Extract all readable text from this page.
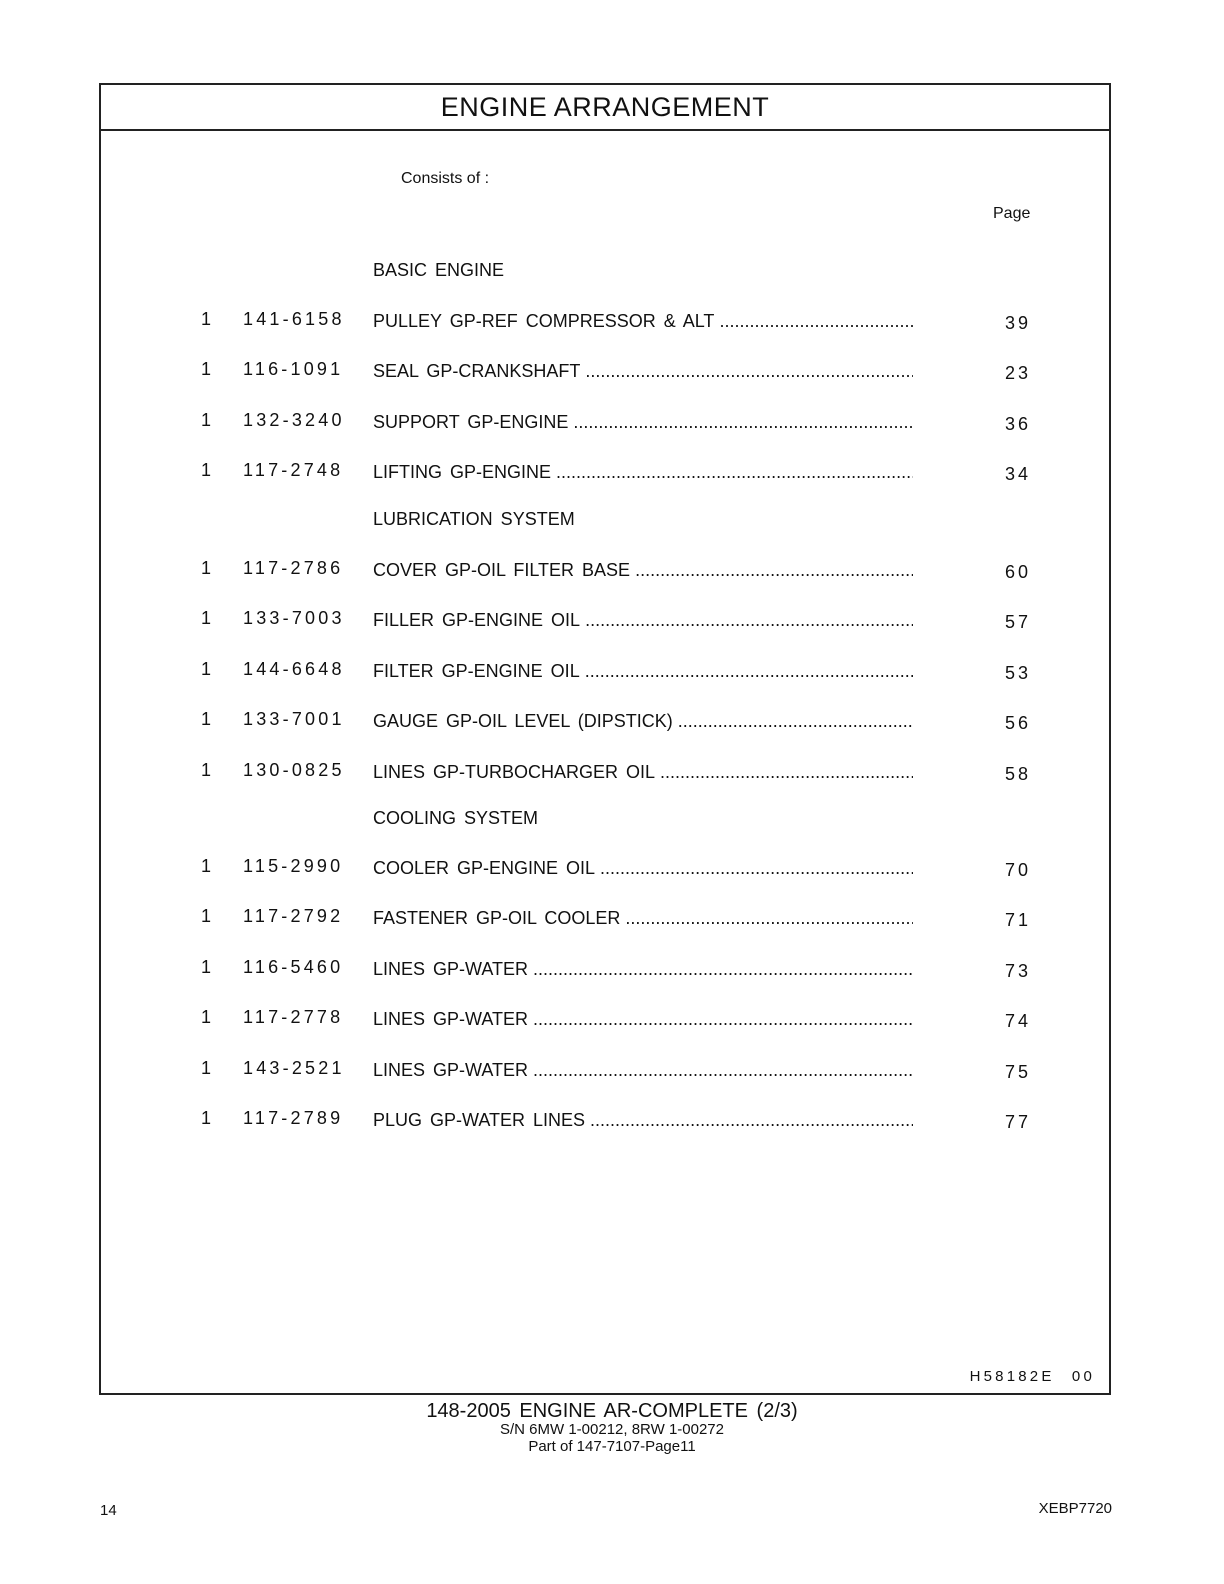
ENGINE ARRANGEMENT
Consists of :
Page
BASIC ENGINE
1 141-6158 PULLEY GP-REF COMPRESSOR & ALT .....	39
1 116-1091 SEAL GP-CRANKSHAFT .....	23
1 132-3240 SUPPORT GP-ENGINE .....	36
1 117-2748 LIFTING GP-ENGINE .....	34
LUBRICATION SYSTEM
1 117-2786 COVER GP-OIL FILTER BASE .....	60
1 133-7003 FILLER GP-ENGINE OIL .....	57
1 144-6648 FILTER GP-ENGINE OIL .....	53
1 133-7001 GAUGE GP-OIL LEVEL (DIPSTICK) .....	56
1 130-0825 LINES GP-TURBOCHARGER OIL .....	58
COOLING SYSTEM
1 115-2990 COOLER GP-ENGINE OIL .....	70
1 117-2792 FASTENER GP-OIL COOLER .....	71
1 116-5460 LINES GP-WATER .....	73
1 117-2778 LINES GP-WATER .....	74
1 143-2521 LINES GP-WATER .....	75
1 117-2789 PLUG GP-WATER LINES .....	77
H58182E 00
148-2005 ENGINE AR-COMPLETE (2/3)
S/N 6MW 1-00212, 8RW 1-00272
Part of 147-7107-Page11
14	XEBP7720
